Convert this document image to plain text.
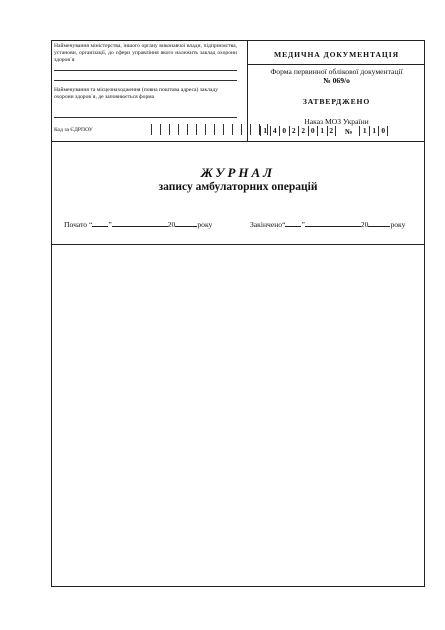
Найменування міністерства, іншого органу виконавчої влади, підприємства, установи, організації, до сфери управління якого належить заклад охорони здоров`я
Найменування та місцезнаходження (повна поштова адреса) закладу охорони здоров`я, де заповнюється форма
Код за ЄДРПОУ
МЕДИЧНА ДОКУМЕНТАЦІЯ
Форма первинної облікової документації
№ 069/о
ЗАТВЕРДЖЕНО
Наказ МОЗ України
1 4 0 2 2 0 1 2	№	1 1 0
ЖУРНАЛ
запису амбулаторних операцій
Почато “ ”	20	року	Закінчено“ ”	20	року
